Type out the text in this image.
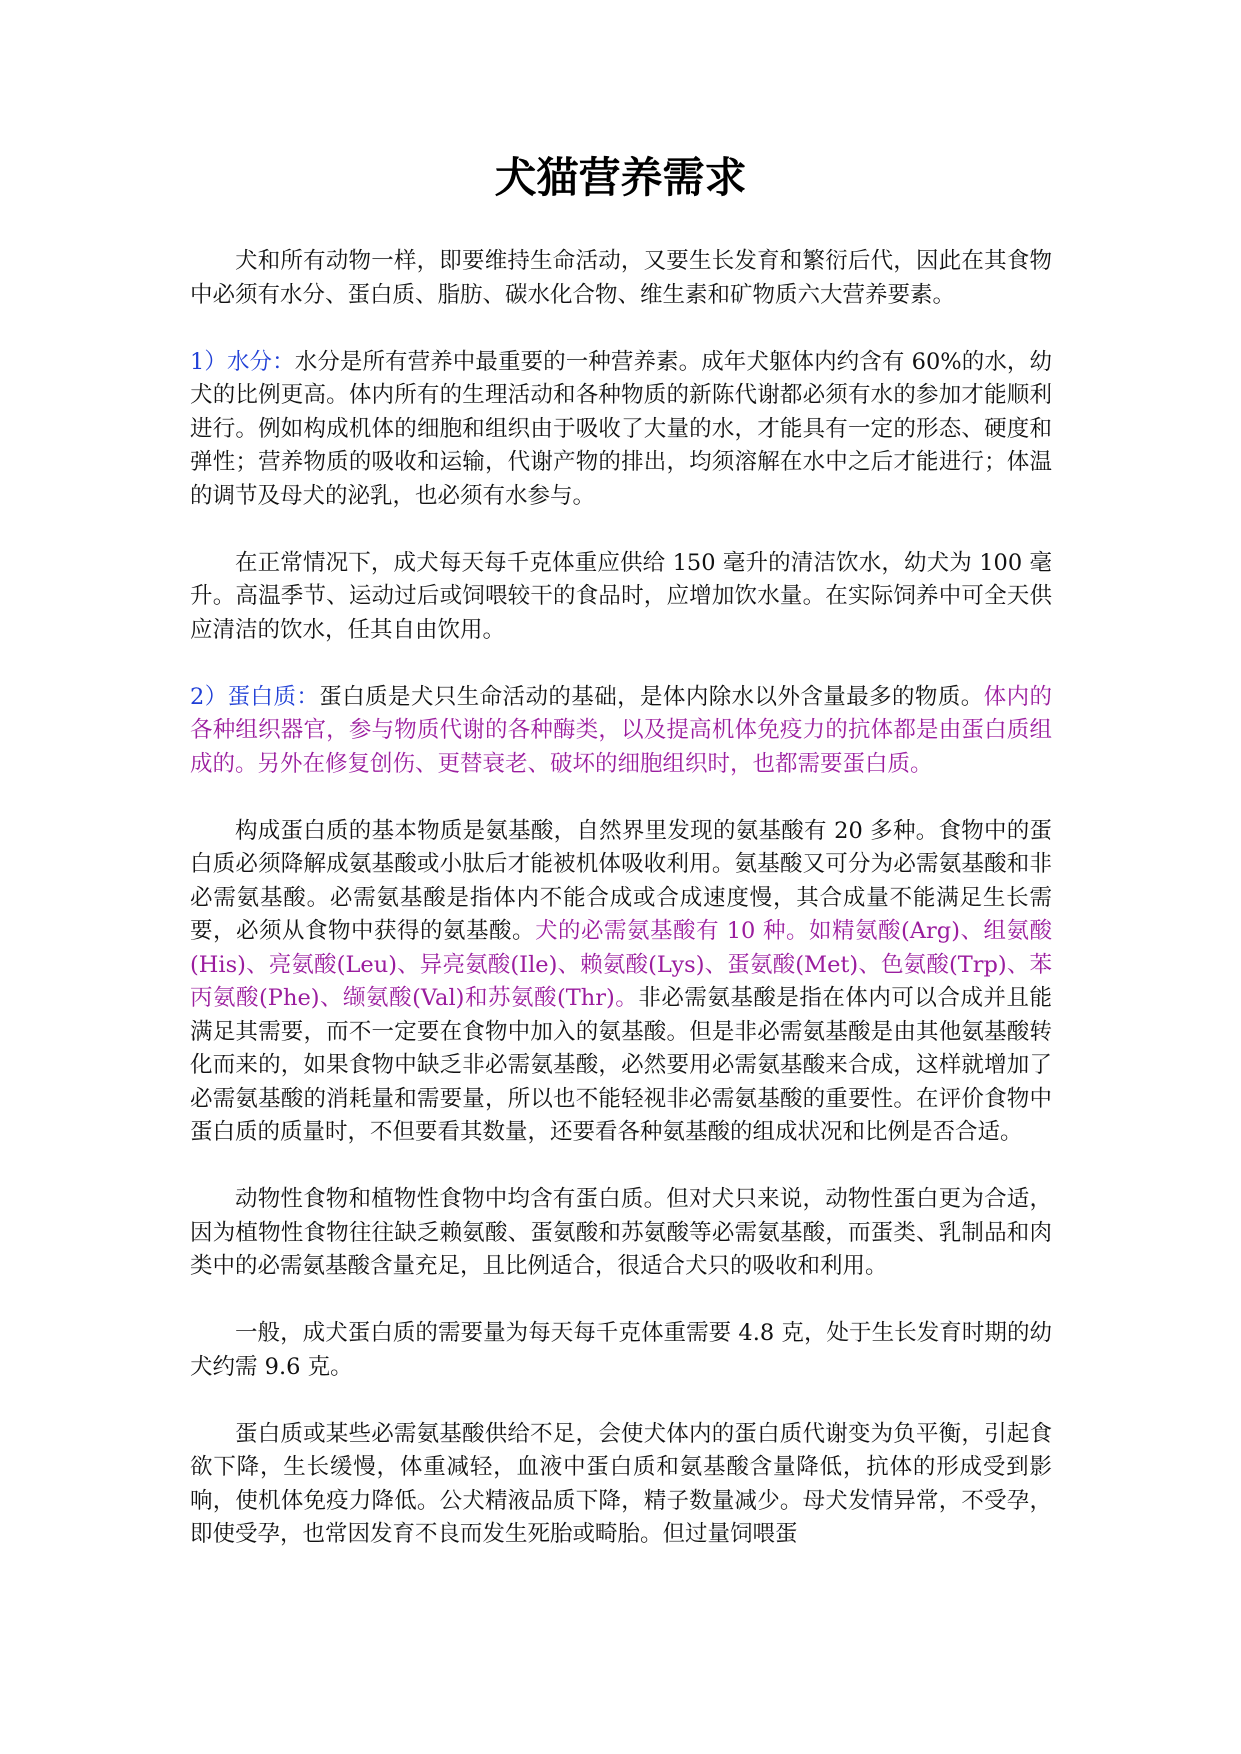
犬猫营养需求

犬和所有动物一样，即要维持生命活动，又要生长发育和繁衍后代，因此在其食物中必须有水分、蛋白质、脂肪、碳水化合物、维生素和矿物质六大营养要素。

1）水分：水分是所有营养中最重要的一种营养素。成年犬躯体内约含有 60%的水，幼犬的比例更高。体内所有的生理活动和各种物质的新陈代谢都必须有水的参加才能顺利进行。例如构成机体的细胞和组织由于吸收了大量的水，才能具有一定的形态、硬度和弹性；营养物质的吸收和运输，代谢产物的排出，均须溶解在水中之后才能进行；体温的调节及母犬的泌乳，也必须有水参与。

在正常情况下，成犬每天每千克体重应供给 150 毫升的清洁饮水，幼犬为 100 毫升。高温季节、运动过后或饲喂较干的食品时，应增加饮水量。在实际饲养中可全天供应清洁的饮水，任其自由饮用。

2）蛋白质：蛋白质是犬只生命活动的基础，是体内除水以外含量最多的物质。体内的各种组织器官，参与物质代谢的各种酶类，以及提高机体免疫力的抗体都是由蛋白质组成的。另外在修复创伤、更替衰老、破坏的细胞组织时，也都需要蛋白质。

构成蛋白质的基本物质是氨基酸，自然界里发现的氨基酸有 20 多种。食物中的蛋白质必须降解成氨基酸或小肽后才能被机体吸收利用。氨基酸又可分为必需氨基酸和非必需氨基酸。必需氨基酸是指体内不能合成或合成速度慢，其合成量不能满足生长需要，必须从食物中获得的氨基酸。犬的必需氨基酸有 10 种。如精氨酸(Arg)、组氨酸(His)、亮氨酸(Leu)、异亮氨酸(Ile)、赖氨酸(Lys)、蛋氨酸(Met)、色氨酸(Trp)、苯丙氨酸(Phe)、缬氨酸(Val)和苏氨酸(Thr)。非必需氨基酸是指在体内可以合成并且能满足其需要，而不一定要在食物中加入的氨基酸。但是非必需氨基酸是由其他氨基酸转化而来的，如果食物中缺乏非必需氨基酸，必然要用必需氨基酸来合成，这样就增加了必需氨基酸的消耗量和需要量，所以也不能轻视非必需氨基酸的重要性。在评价食物中蛋白质的质量时，不但要看其数量，还要看各种氨基酸的组成状况和比例是否合适。

动物性食物和植物性食物中均含有蛋白质。但对犬只来说，动物性蛋白更为合适，因为植物性食物往往缺乏赖氨酸、蛋氨酸和苏氨酸等必需氨基酸，而蛋类、乳制品和肉类中的必需氨基酸含量充足，且比例适合，很适合犬只的吸收和利用。

一般，成犬蛋白质的需要量为每天每千克体重需要 4.8 克，处于生长发育时期的幼犬约需 9.6 克。

蛋白质或某些必需氨基酸供给不足，会使犬体内的蛋白质代谢变为负平衡，引起食欲下降，生长缓慢，体重减轻，血液中蛋白质和氨基酸含量降低，抗体的形成受到影响，使机体免疫力降低。公犬精液品质下降，精子数量减少。母犬发情异常，不受孕，即使受孕，也常因发育不良而发生死胎或畸胎。但过量饲喂蛋
